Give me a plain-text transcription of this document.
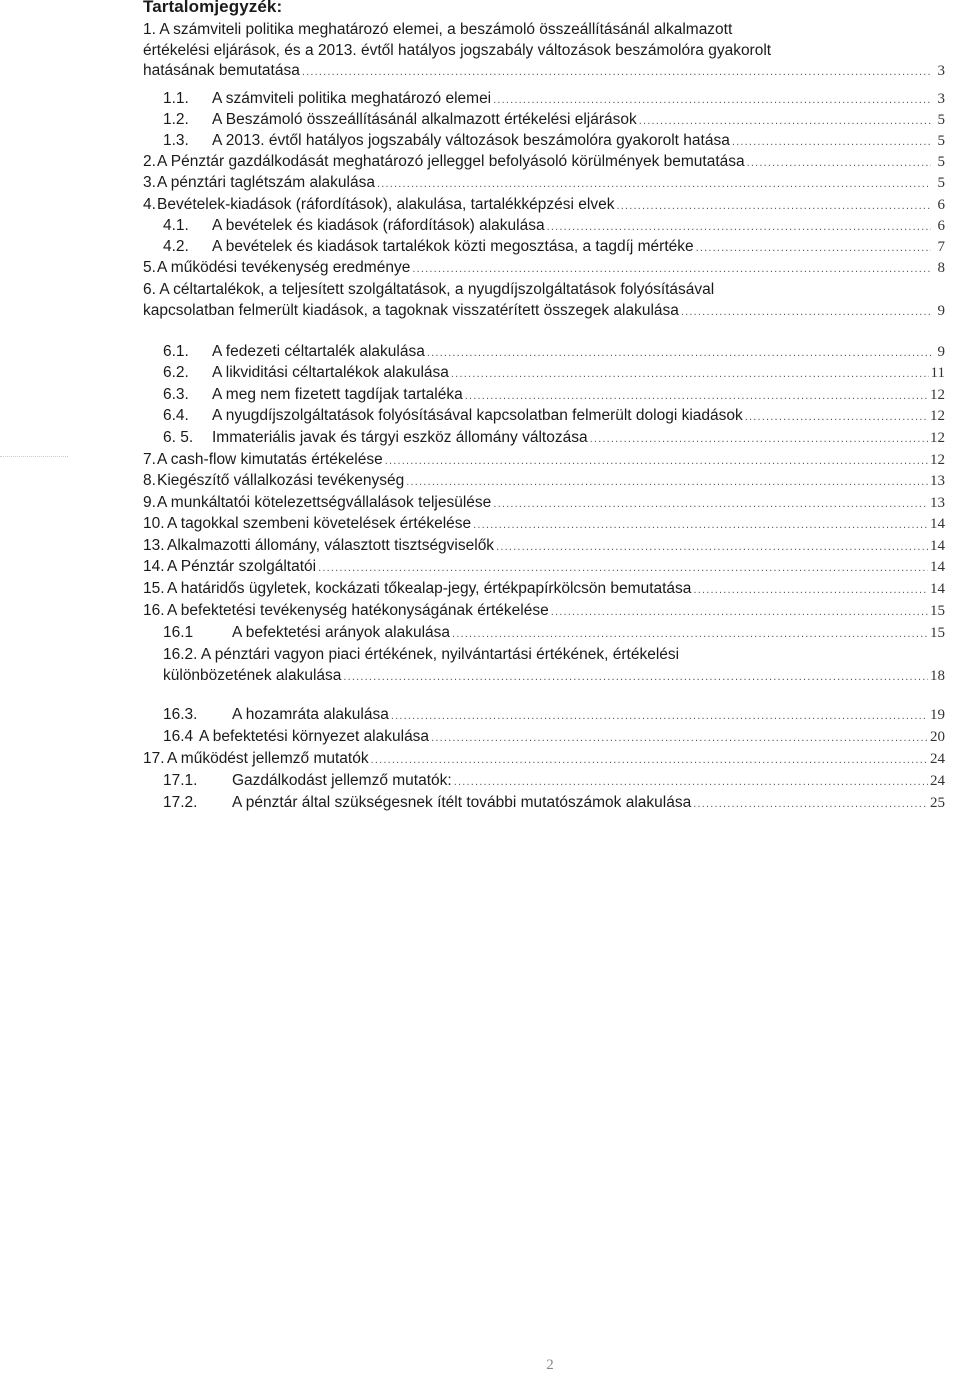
Tartalomjegyzék:
1. A számviteli politika meghatározó elemei, a beszámoló összeállításánál alkalmazott
értékelési eljárások, és a 2013. évtől hatályos jogszabály változások beszámolóra gyakorolt
hatásának bemutatása .....	3
1.1.	A számviteli politika meghatározó elemei .....	3
1.2.	A Beszámoló összeállításánál alkalmazott értékelési eljárások .....	5
1.3.	A 2013. évtől hatályos jogszabály változások beszámolóra gyakorolt hatása .....	5
2. A Pénztár gazdálkodását meghatározó jelleggel befolyásoló körülmények bemutatása .....	5
3. A pénztári taglétszám alakulása .....	5
4. Bevételek-kiadások (ráfordítások), alakulása, tartalékképzési elvek .....	6
4.1.	A bevételek és kiadások (ráfordítások) alakulása .....	6
4.2.	A bevételek és kiadások tartalékok közti megosztása, a tagdíj mértéke .....	7
5. A működési tevékenység eredménye .....	8
6. A céltartalékok, a teljesített szolgáltatások, a nyugdíjszolgáltatások folyósításával
kapcsolatban felmerült kiadások, a tagoknak visszatérített összegek alakulása .....	9
6.1.	A fedezeti céltartalék alakulása .....	9
6.2.	A likviditási céltartalékok alakulása .....	11
6.3.	A meg nem fizetett tagdíjak tartaléka .....	12
6.4.	A nyugdíjszolgáltatások folyósításával kapcsolatban felmerült dologi kiadások .....	12
6. 5.	Immateriális javak és tárgyi eszköz állomány változása .....	12
7. A cash-flow kimutatás értékelése .....	12
8. Kiegészítő vállalkozási tevékenység .....	13
9. A munkáltatói kötelezettségvállalások teljesülése .....	13
10. A tagokkal szembeni követelések értékelése .....	14
13. Alkalmazotti állomány, választott tisztségviselők .....	14
14. A Pénztár szolgáltatói .....	14
15. A határidős ügyletek, kockázati tőkealap-jegy, értékpapírkölcsön bemutatása .....	14
16. A befektetési tevékenység hatékonyságának értékelése .....	15
16.1	A befektetési arányok alakulása .....	15
16.2. A pénztári vagyon piaci értékének, nyilvántartási értékének, értékelési
különbözetének alakulása .....	18
16.3.	A hozamráta alakulása .....	19
16.4 A befektetési környezet alakulása .....	20
17. A működést jellemző mutatók .....	24
17.1.	Gazdálkodást jellemző mutatók: .....	24
17.2.	A pénztár által szükségesnek ítélt további mutatószámok alakulása .....	25
2
